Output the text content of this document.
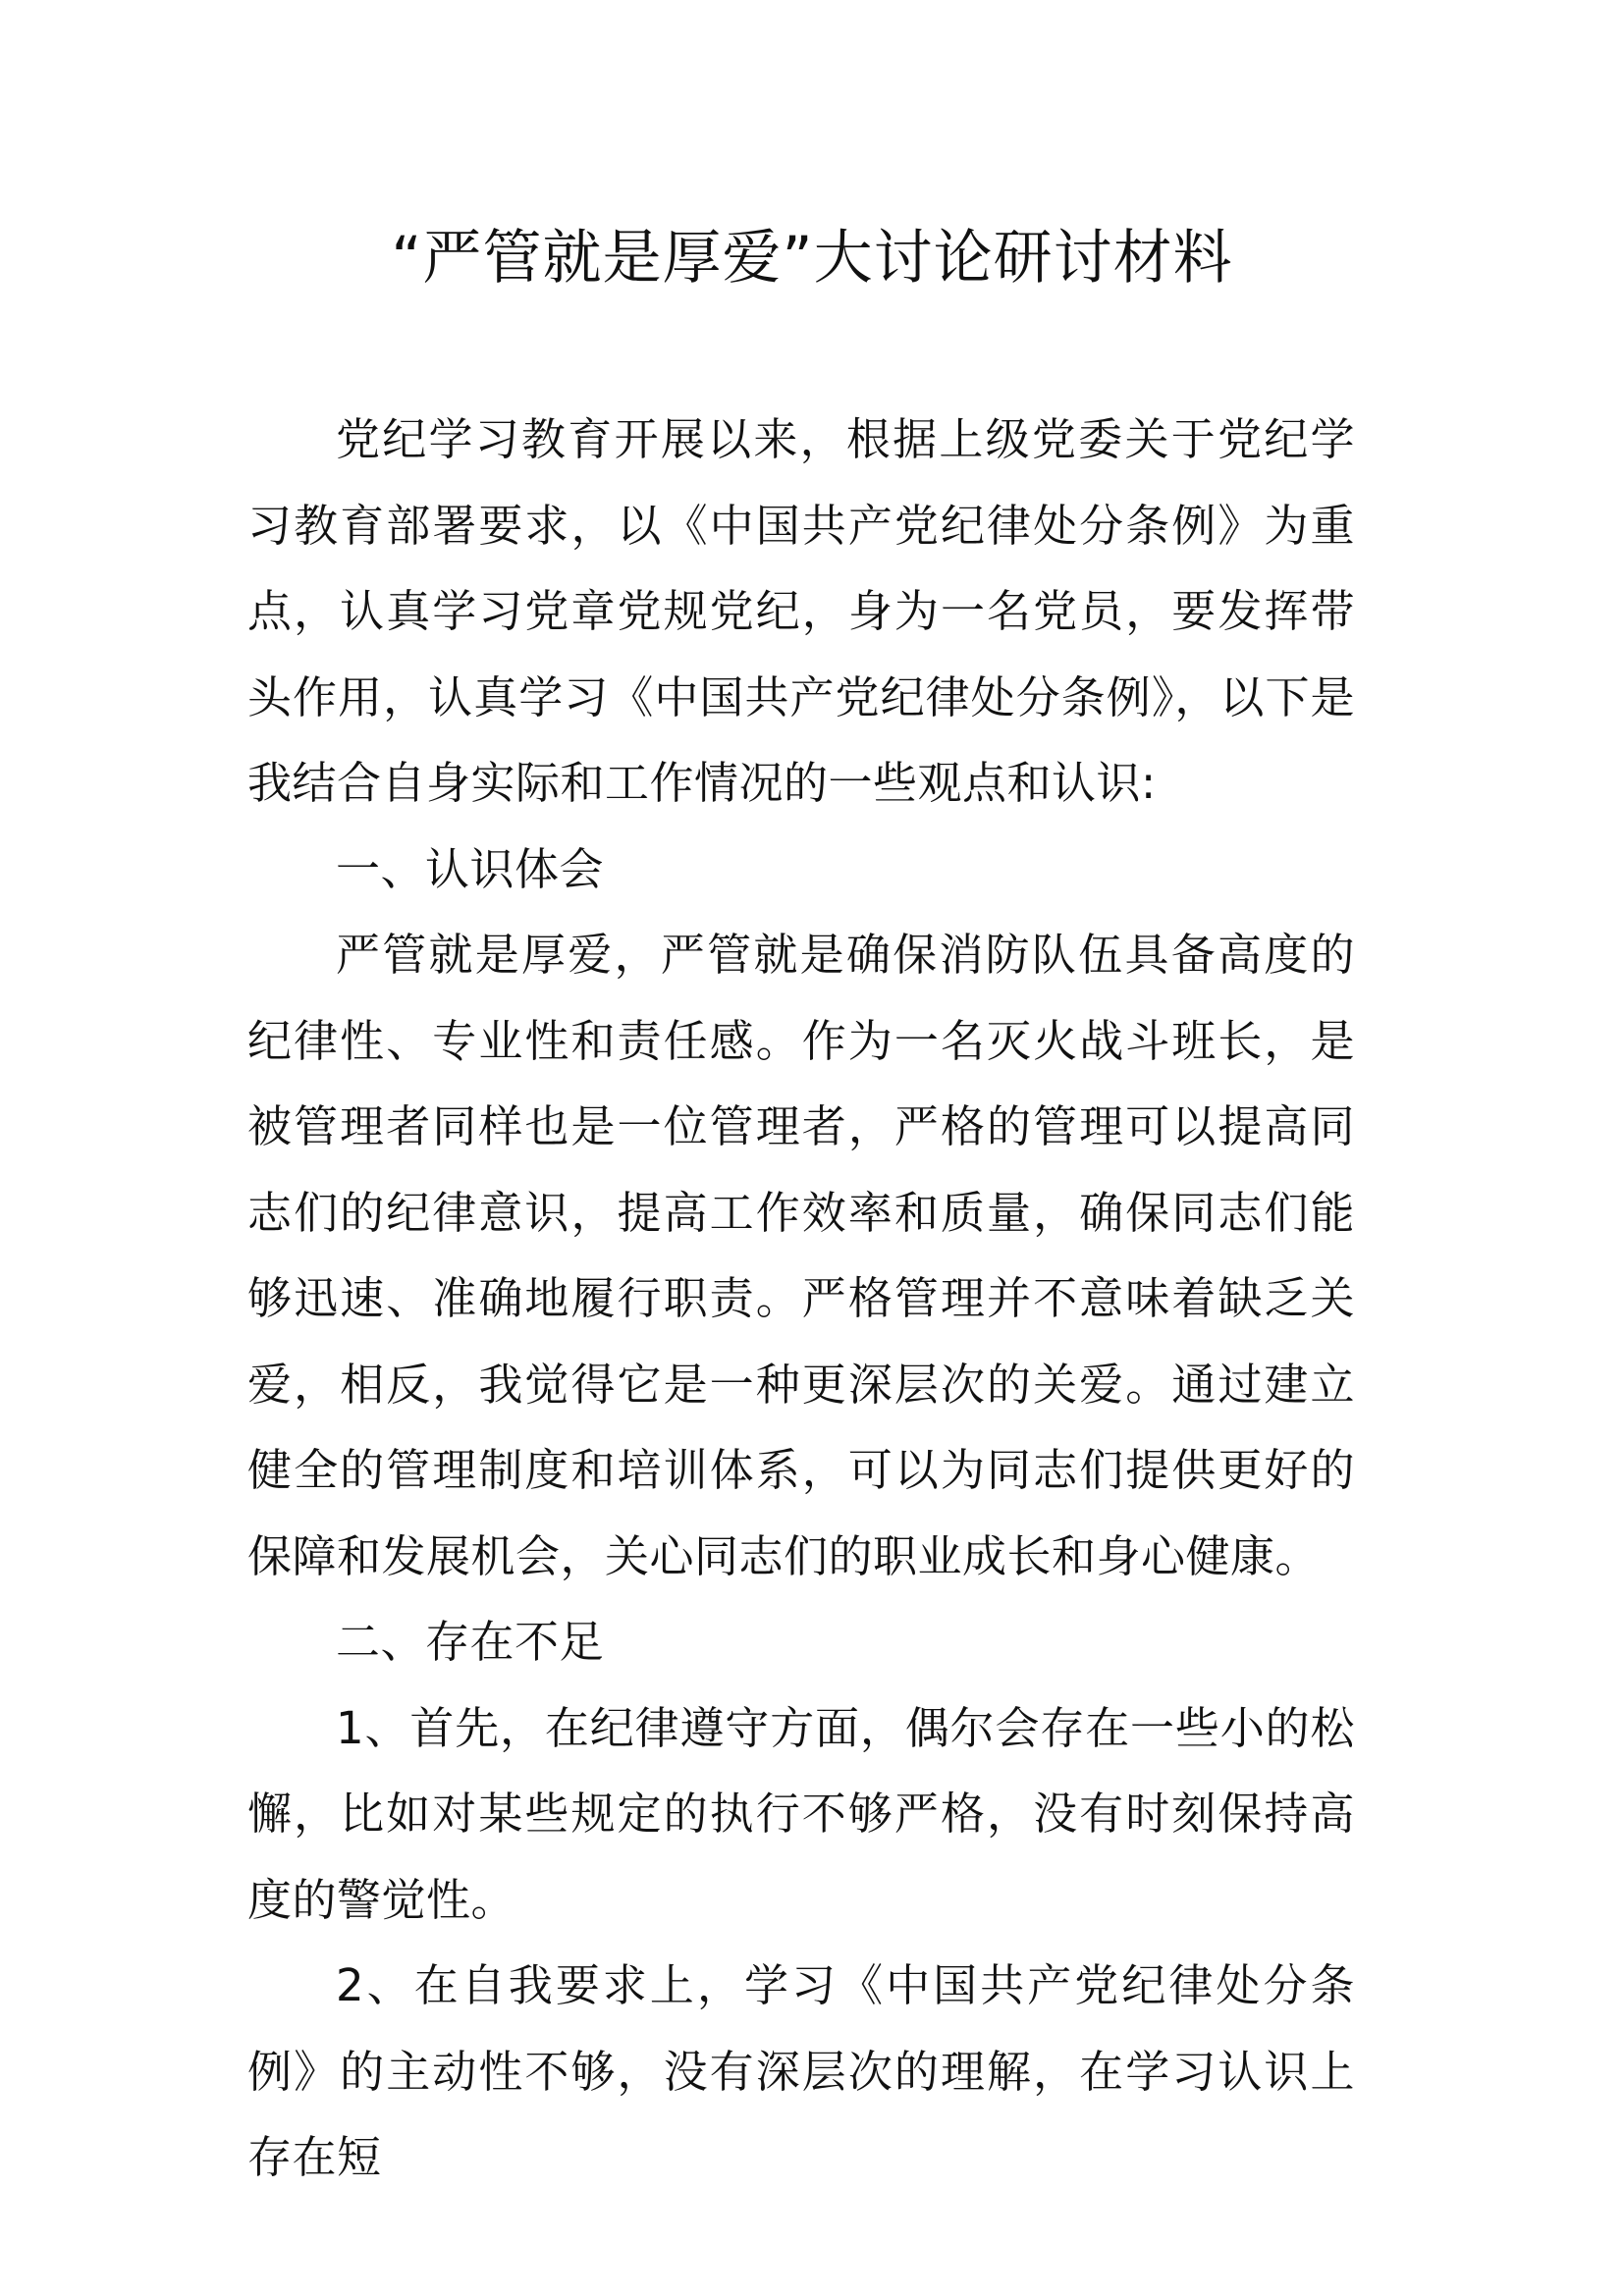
“严管就是厚爱”大讨论研讨材料

党纪学习教育开展以来，根据上级党委关于党纪学习教育部署要求，以《中国共产党纪律处分条例》为重点，认真学习党章党规党纪，身为一名党员，要发挥带头作用，认真学习《中国共产党纪律处分条例》，以下是我结合自身实际和工作情况的一些观点和认识:

一、认识体会

严管就是厚爱，严管就是确保消防队伍具备高度的纪律性、专业性和责任感。作为一名灭火战斗班长，是被管理者同样也是一位管理者，严格的管理可以提高同志们的纪律意识，提高工作效率和质量，确保同志们能够迅速、准确地履行职责。严格管理并不意味着缺乏关爱，相反，我觉得它是一种更深层次的关爱。通过建立健全的管理制度和培训体系，可以为同志们提供更好的保障和发展机会，关心同志们的职业成长和身心健康。

二、存在不足

1、首先，在纪律遵守方面，偶尔会存在一些小的松懈，比如对某些规定的执行不够严格，没有时刻保持高度的警觉性。

2、在自我要求上，学习《中国共产党纪律处分条例》的主动性不够，没有深层次的理解，在学习认识上存在短
